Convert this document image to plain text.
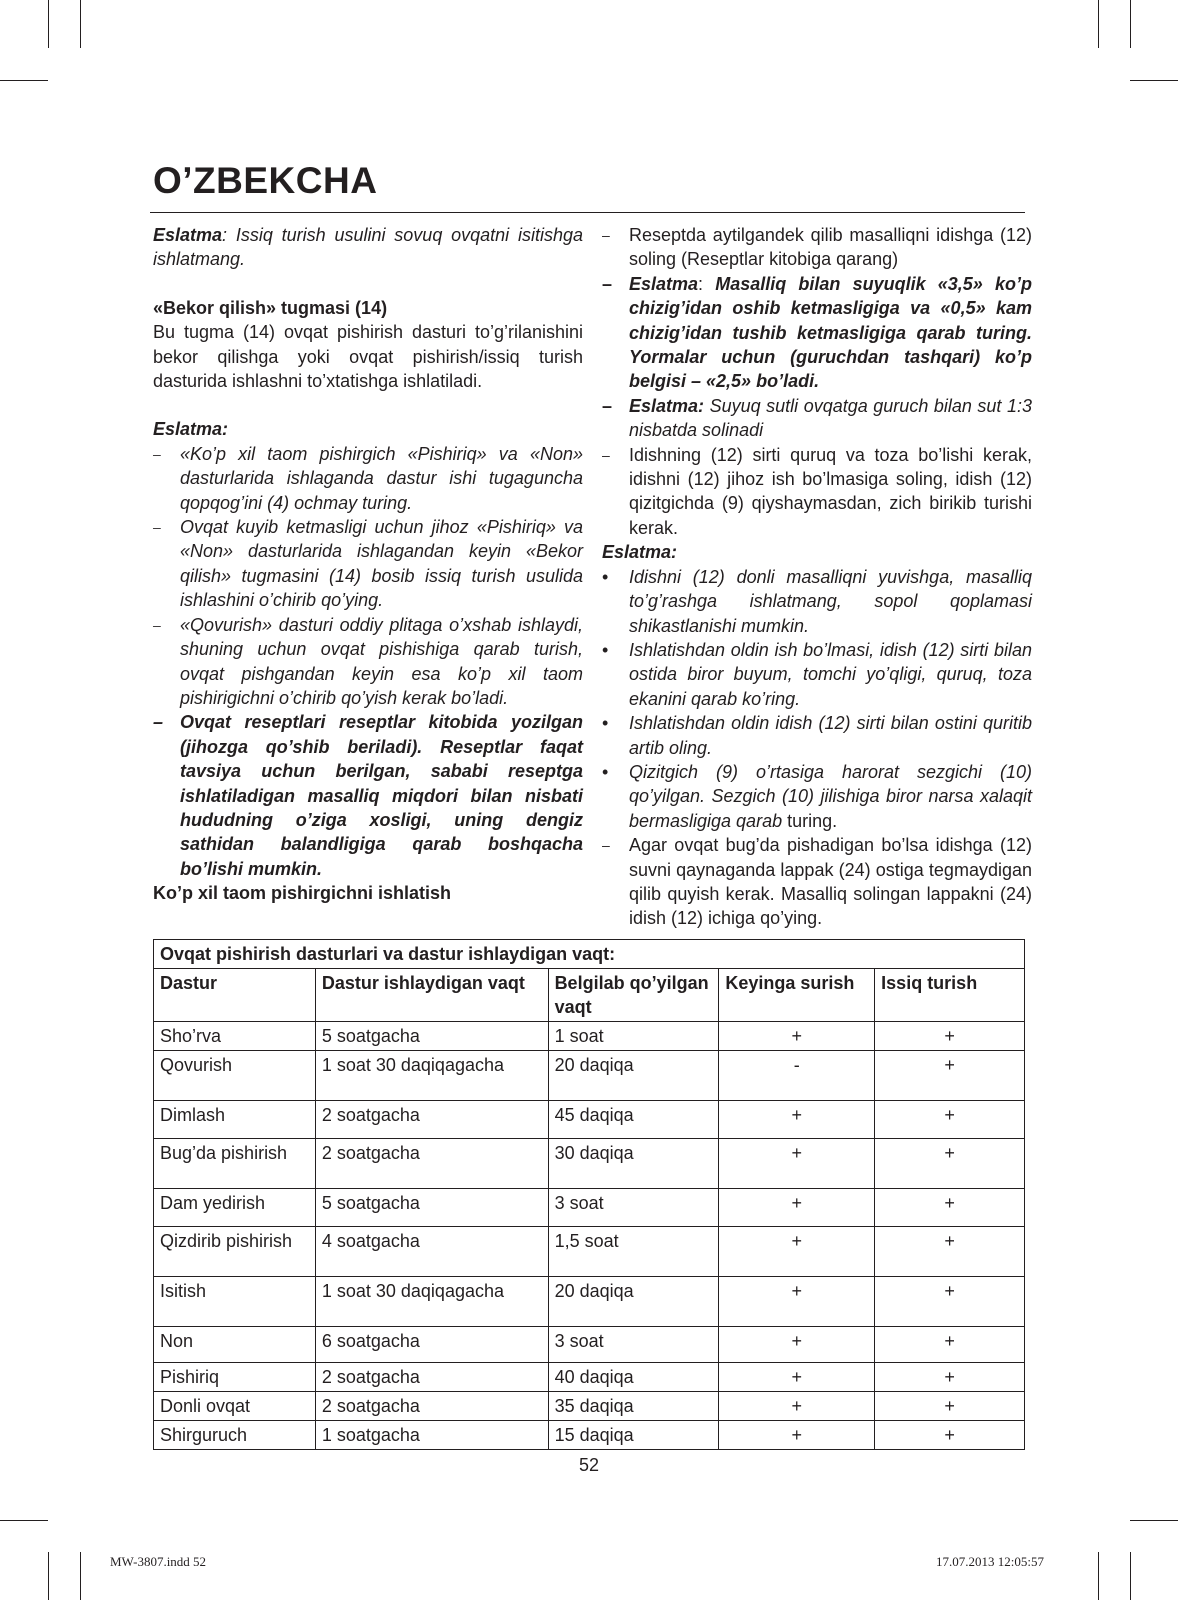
O’ZBEKCHA

Eslatma: Issiq turish usulini sovuq ovqatni isitishga ishlatmang.

«Bekor qilish» tugmasi (14)

Bu tugma (14) ovqat pishirish dasturi to’g’rilanishini bekor qilishga yoki ovqat pishirish/issiq turish dasturida ishlashni to’xtatishga ishlatiladi.

Eslatma:
–	«Ko’p xil taom pishirgich «Pishiriq» va «Non» dasturlarida ishlaganda dastur ishi tugaguncha qopqog’ini (4) ochmay turing.
–	Ovqat kuyib ketmasligi uchun jihoz «Pishiriq» va «Non» dasturlarida ishlagandan keyin «Bekor qilish» tugmasini (14) bosib issiq turish usulida ishlashini o’chirib qo’ying.
–	«Qovurish» dasturi oddiy plitaga o’xshab ishlaydi, shuning uchun ovqat pishishiga qarab turish, ovqat pishgandan keyin esa ko’p xil taom pishirigichni o’chirib qo’yish kerak bo’ladi.
– Ovqat reseptlari reseptlar kitobida yozilgan (jihozga qo’shib beriladi). Reseptlar faqat tavsiya uchun berilgan, sababi reseptga ishlatiladigan masalliq miqdori bilan nisbati hududning o’ziga xosligi, uning dengiz sathidan balandligiga qarab boshqacha bo’lishi mumkin.
Ko’p xil taom pishirgichni ishlatish
–	Reseptda aytilgandek qilib masalliqni idishga (12) soling (Reseptlar kitobiga qarang)
– Eslatma: Masalliq bilan suyuqlik «3,5» ko’p chizig’idan oshib ketmasligiga va «0,5» kam chizig’idan tushib ketmasligiga qarab turing. Yormalar uchun (guruchdan tashqari) ko’p belgisi – «2,5» bo’ladi.
– Eslatma: Suyuq sutli ovqatga guruch bilan sut 1:3 nisbatda solinadi
–	Idishning (12) sirti quruq va toza bo’lishi kerak, idishni (12) jihoz ish bo’lmasiga soling, idish (12) qizitgichda (9) qiyshaymasdan, zich birikib turishi kerak.
Eslatma:
•	Idishni (12) donli masalliqni yuvishga, masalliq to’g’rashga ishlatmang, sopol qoplamasi shikastlanishi mumkin.
•	Ishlatishdan oldin ish bo’lmasi, idish (12) sirti bilan ostida biror buyum, tomchi yo’qligi, quruq, toza ekanini qarab ko’ring.
•	Ishlatishdan oldin idish (12) sirti bilan ostini quritib artib oling.
•	Qizitgich (9) o’rtasiga harorat sezgichi (10) qo’yilgan. Sezgich (10) jilishiga biror narsa xalaqit bermasligiga qarab turing.
–	Agar ovqat bug’da pishadigan bo’lsa idishga (12) suvni qaynaganda lappak (24) ostiga tegmaydigan qilib quyish kerak. Masalliq solingan lappakni (24) idish (12) ichiga qo’ying.
Ovqat pishirish dasturlari va dastur ishlaydigan vaqt:				
Dastur	Dastur ishlaydigan vaqt	Belgilab qo’yilgan vaqt	Keyinga surish	Issiq turish
Sho’rva	5 soatgacha	1 soat	+	+
Qovurish	1 soat 30 daqiqagacha	20 daqiqa	-	+
Dimlash	2 soatgacha	45 daqiqa	+	+
Bug’da pishirish	2 soatgacha	30 daqiqa	+	+
Dam yedirish	5 soatgacha	3 soat	+	+
Qizdirib pishirish	4 soatgacha	1,5 soat	+	+
Isitish	1 soat 30 daqiqagacha	20 daqiqa	+	+
Non	6 soatgacha	3 soat	+	+
Pishiriq	2 soatgacha	40 daqiqa	+	+
Donli ovqat	2 soatgacha	35 daqiqa	+	+
Shirguruch	1 soatgacha	15 daqiqa	+	+
52
MW-3807.indd 52	17.07.2013 12:05:57
